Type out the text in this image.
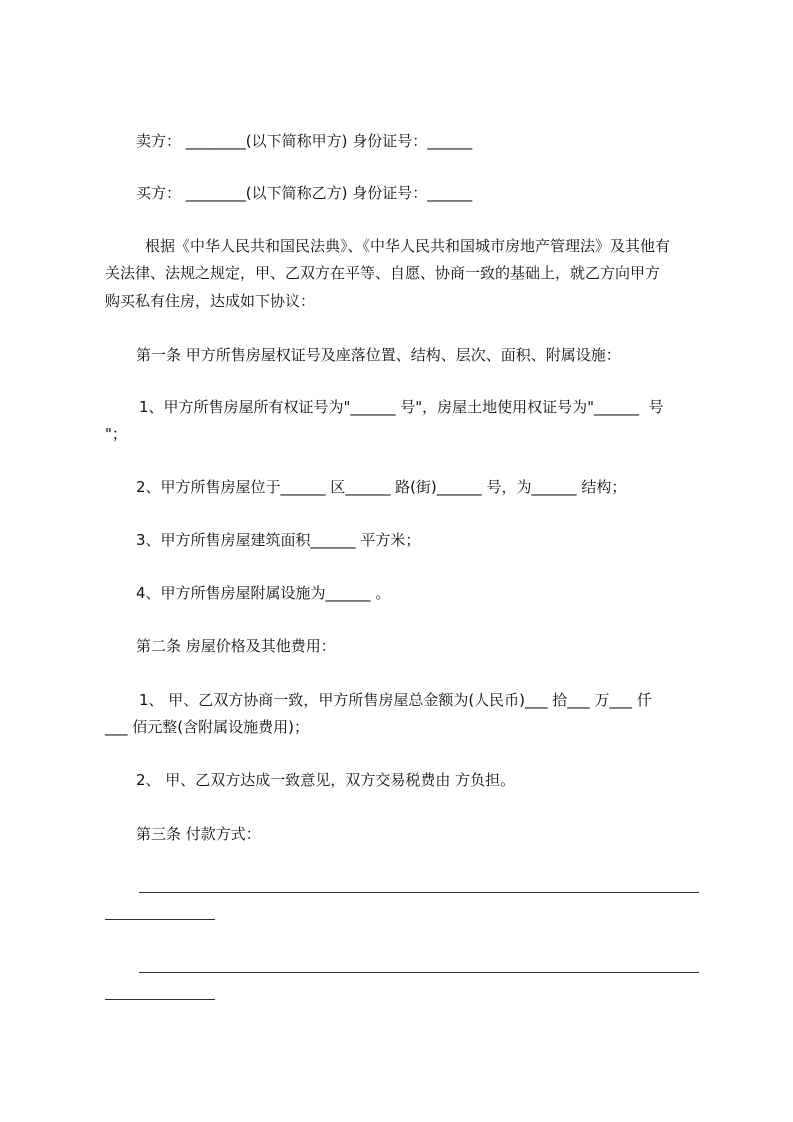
卖方： ________(以下简称甲方) 身份证号：______
买方： ________(以下简称乙方) 身份证号：______
根据《中华人民共和国民法典》、《中华人民共和国城市房地产管理法》及其他有
关法律、法规之规定，甲、乙双方在平等、自愿、协商一致的基础上，就乙方向甲方
购买私有住房，达成如下协议：
第一条 甲方所售房屋权证号及座落位置、结构、层次、面积、附属设施：
1、甲方所售房屋所有权证号为"______ 号"，房屋土地使用权证号为"______  号
"；
2、甲方所售房屋位于______ 区______ 路(街)______ 号，为______ 结构；
3、甲方所售房屋建筑面积______ 平方米；
4、甲方所售房屋附属设施为______ 。
第二条 房屋价格及其他费用：
1、 甲、乙双方协商一致，甲方所售房屋总金额为(人民币)___ 拾___ 万___ 仟
___ 佰元整(含附属设施费用)；
2、 甲、乙双方达成一致意见，双方交易税费由 方负担。
第三条 付款方式：
